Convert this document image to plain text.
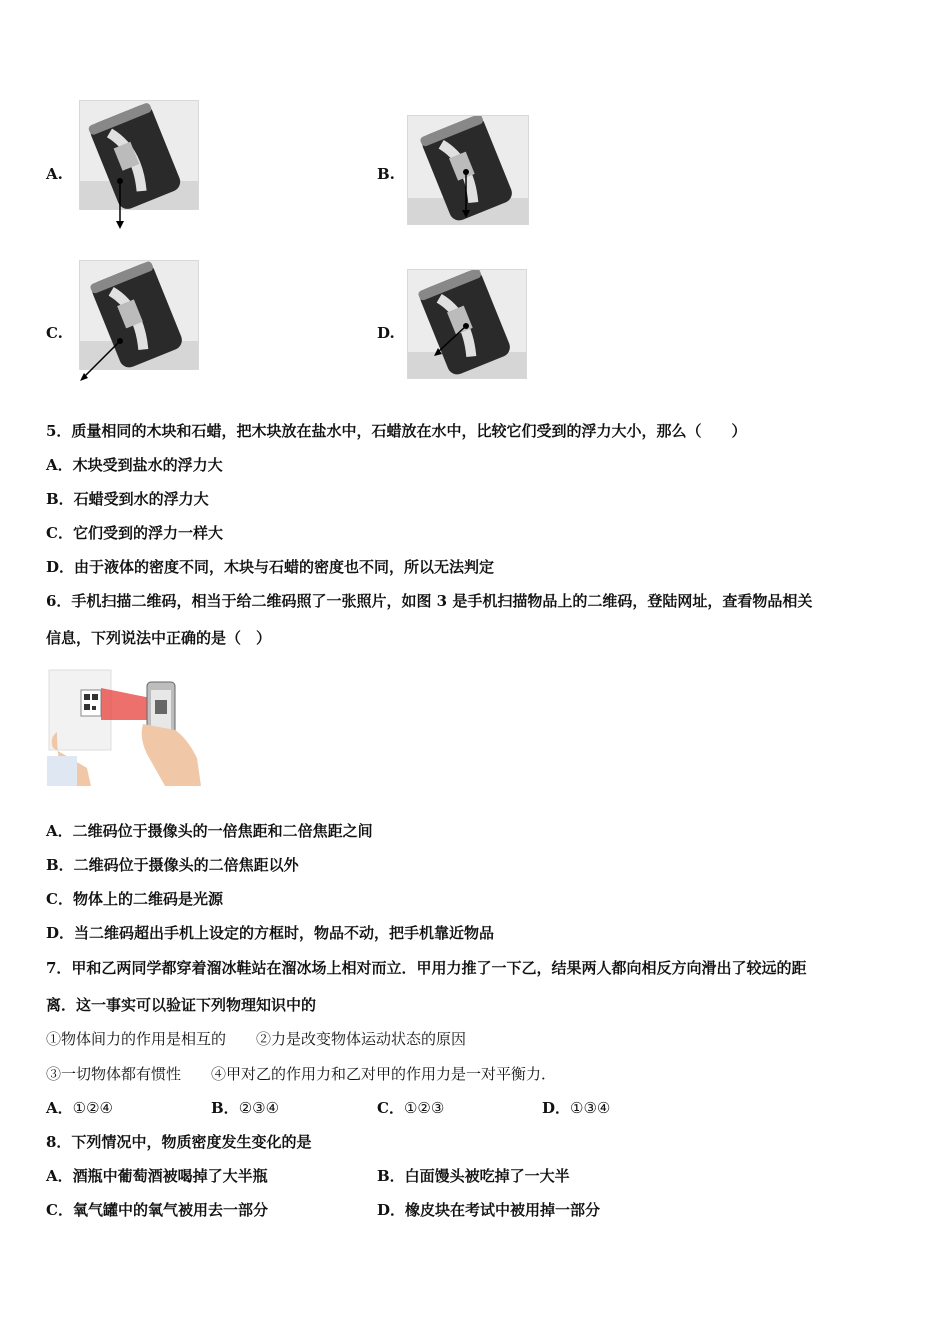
A.	B.
C.	D.
5．质量相同的木块和石蜡，把木块放在盐水中，石蜡放在水中，比较它们受到的浮力大小，那么（　　）
A．木块受到盐水的浮力大
B．石蜡受到水的浮力大
C．它们受到的浮力一样大
D．由于液体的密度不同，木块与石蜡的密度也不同，所以无法判定
6．手机扫描二维码，相当于给二维码照了一张照片，如图 3 是手机扫描物品上的二维码，登陆网址，查看物品相关
信息，下列说法中正确的是（　）
A．二维码位于摄像头的一倍焦距和二倍焦距之间
B．二维码位于摄像头的二倍焦距以外
C．物体上的二维码是光源
D．当二维码超出手机上设定的方框时，物品不动，把手机靠近物品
7．甲和乙两同学都穿着溜冰鞋站在溜冰场上相对而立．甲用力推了一下乙，结果两人都向相反方向滑出了较远的距
离．这一事实可以验证下列物理知识中的
①物体间力的作用是相互的　　②力是改变物体运动状态的原因
③一切物体都有惯性　　④甲对乙的作用力和乙对甲的作用力是一对平衡力．
A．①②④	B．②③④	C．①②③	D．①③④
8．下列情况中，物质密度发生变化的是
A．酒瓶中葡萄酒被喝掉了大半瓶	B．白面馒头被吃掉了一大半
C．氧气罐中的氧气被用去一部分	D．橡皮块在考试中被用掉一部分
